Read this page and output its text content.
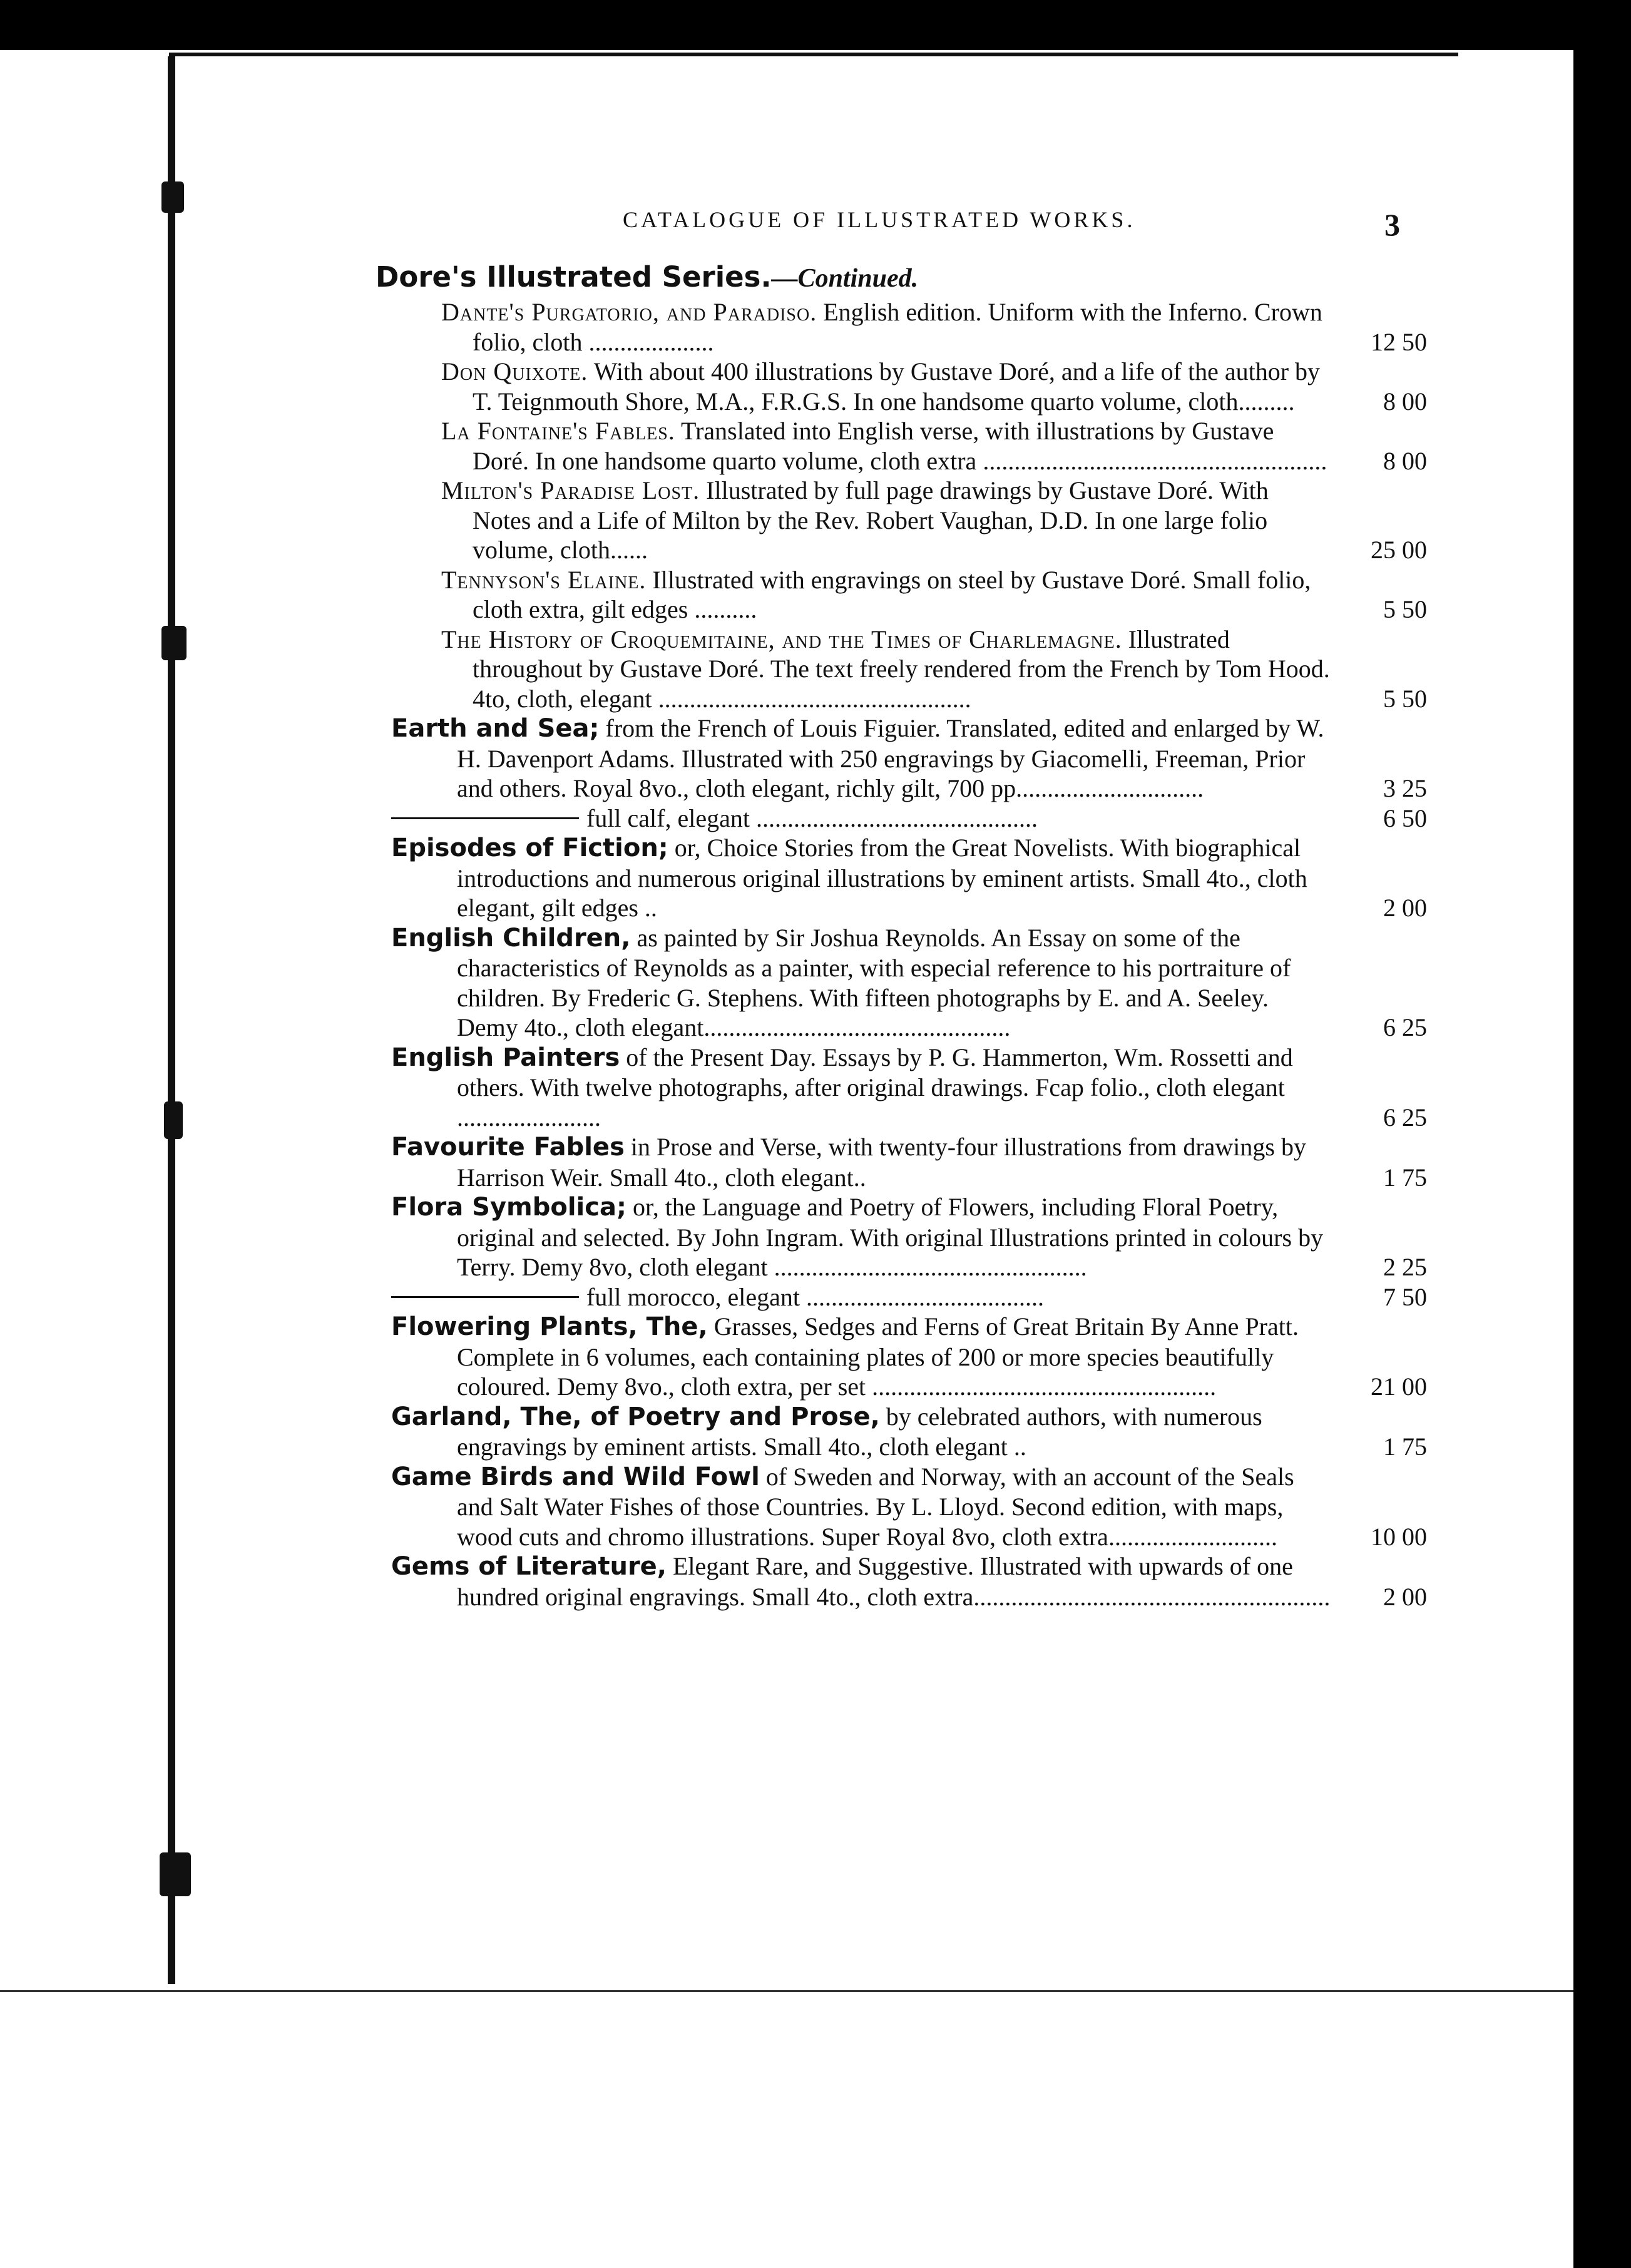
CATALOGUE OF ILLUSTRATED WORKS.	3
Dore's Illustrated Series.—Continued.
Dante's Purgatorio, and Paradiso. English edition. Uniform with the Inferno. Crown folio, cloth ....................	12 50
Don Quixote. With about 400 illustrations by Gustave Doré, and a life of the author by T. Teignmouth Shore, M.A., F.R.G.S. In one handsome quarto volume, cloth.........	8 00
La Fontaine's Fables. Translated into English verse, with illustrations by Gustave Doré. In one handsome quarto volume, cloth extra .......................................................	8 00
Milton's Paradise Lost. Illustrated by full page drawings by Gustave Doré. With Notes and a Life of Milton by the Rev. Robert Vaughan, D.D. In one large folio volume, cloth......	25 00
Tennyson's Elaine. Illustrated with engravings on steel by Gustave Doré. Small folio, cloth extra, gilt edges ..........	5 50
The History of Croquemitaine, and the Times of Charlemagne. Illustrated throughout by Gustave Doré. The text freely rendered from the French by Tom Hood. 4to, cloth, elegant ..................................................	5 50
Earth and Sea; from the French of Louis Figuier. Translated, edited and enlarged by W. H. Davenport Adams. Illustrated with 250 engravings by Giacomelli, Freeman, Prior and others. Royal 8vo., cloth elegant, richly gilt, 700 pp..............................	3 25
full calf, elegant .............................................	6 50
Episodes of Fiction; or, Choice Stories from the Great Novelists. With biographical introductions and numerous original illustrations by eminent artists. Small 4to., cloth elegant, gilt edges ..	2 00
English Children, as painted by Sir Joshua Reynolds. An Essay on some of the characteristics of Reynolds as a painter, with especial reference to his portraiture of children. By Frederic G. Stephens. With fifteen photographs by E. and A. Seeley. Demy 4to., cloth elegant.................................................	6 25
English Painters of the Present Day. Essays by P. G. Hammerton, Wm. Rossetti and others. With twelve photographs, after original drawings. Fcap folio., cloth elegant .......................	6 25
Favourite Fables in Prose and Verse, with twenty-four illustrations from drawings by Harrison Weir. Small 4to., cloth elegant..	1 75
Flora Symbolica; or, the Language and Poetry of Flowers, including Floral Poetry, original and selected. By John Ingram. With original Illustrations printed in colours by Terry. Demy 8vo, cloth elegant ..................................................	2 25
full morocco, elegant ......................................	7 50
Flowering Plants, The, Grasses, Sedges and Ferns of Great Britain By Anne Pratt. Complete in 6 volumes, each containing plates of 200 or more species beautifully coloured. Demy 8vo., cloth extra, per set .......................................................	21 00
Garland, The, of Poetry and Prose, by celebrated authors, with numerous engravings by eminent artists. Small 4to., cloth elegant ..	1 75
Game Birds and Wild Fowl of Sweden and Norway, with an account of the Seals and Salt Water Fishes of those Countries. By L. Lloyd. Second edition, with maps, wood cuts and chromo illustrations. Super Royal 8vo, cloth extra...........................	10 00
Gems of Literature, Elegant Rare, and Suggestive. Illustrated with upwards of one hundred original engravings. Small 4to., cloth extra.........................................................	2 00
